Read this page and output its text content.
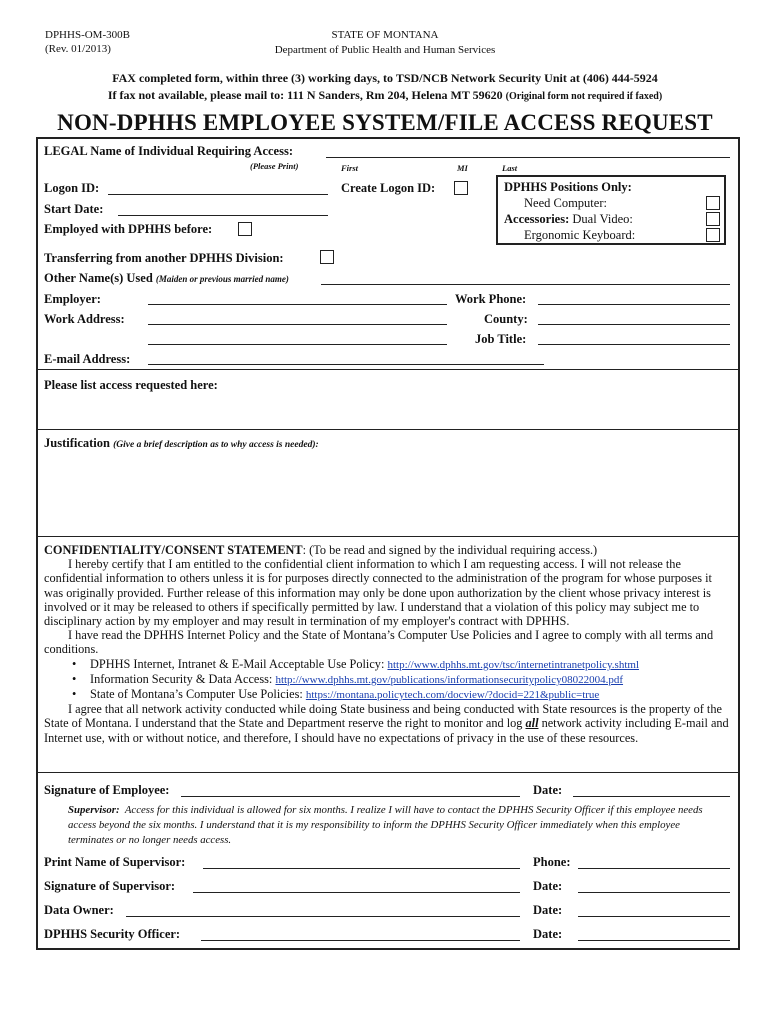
DPHHS-OM-300B
(Rev. 01/2013)
STATE OF MONTANA
Department of Public Health and Human Services
FAX completed form, within three (3) working days, to TSD/NCB Network Security Unit at (406) 444-5924
If fax not available, please mail to: 111 N Sanders, Rm 204, Helena MT 59620 (Original form not required if faxed)
NON-DPHHS EMPLOYEE SYSTEM/FILE ACCESS REQUEST
LEGAL Name of Individual Requiring Access:
(Please Print)	First	MI	Last
Logon ID:	Create Logon ID:
Start Date:
Employed with DPHHS before:
DPHHS Positions Only:
Need Computer:
Accessories: Dual Video:
Ergonomic Keyboard:
Transferring from another DPHHS Division:
Other Name(s) Used (Maiden or previous married name)
Employer:	Work Phone:
Work Address:	County:
Job Title:
E-mail Address:
Please list access requested here:
Justification (Give a brief description as to why access is needed):

CONFIDENTIALITY/CONSENT STATEMENT: (To be read and signed by the individual requiring access.)

I hereby certify that I am entitled to the confidential client information to which I am requesting access. I will not release the confidential information to others unless it is for purposes directly connected to the administration of the program for whose purposes it was originally provided. Further release of this information may only be done upon authorization by the client whose privacy interest is involved or it may be released to others if specifically permitted by law. I understand that a violation of this policy may subject me to disciplinary action by my employer and may result in termination of my employer's contract with DPHHS.

I have read the DPHHS Internet Policy and the State of Montana’s Computer Use Policies and I agree to comply with all terms and conditions.

• DPHHS Internet, Intranet & E-Mail Acceptable Use Policy: http://www.dphhs.mt.gov/tsc/internetintranetpolicy.shtml
• Information Security & Data Access: http://www.dphhs.mt.gov/publications/informationsecuritypolicy08022004.pdf
• State of Montana’s Computer Use Policies: https://montana.policytech.com/docview/?docid=221&public=true

I agree that all network activity conducted while doing State business and being conducted with State resources is the property of the State of Montana. I understand that the State and Department reserve the right to monitor and log all network activity including E-mail and Internet use, with or without notice, and therefore, I should have no expectations of privacy in the use of these resources.

Signature of Employee:	Date:
Supervisor: Access for this individual is allowed for six months. I realize I will have to contact the DPHHS Security Officer if this employee needs access beyond the six months. I understand that it is my responsibility to inform the DPHHS Security Officer immediately when this employee terminates or no longer needs access.
Print Name of Supervisor:	Phone:
Signature of Supervisor:	Date:
Data Owner:	Date:
DPHHS Security Officer:	Date:
